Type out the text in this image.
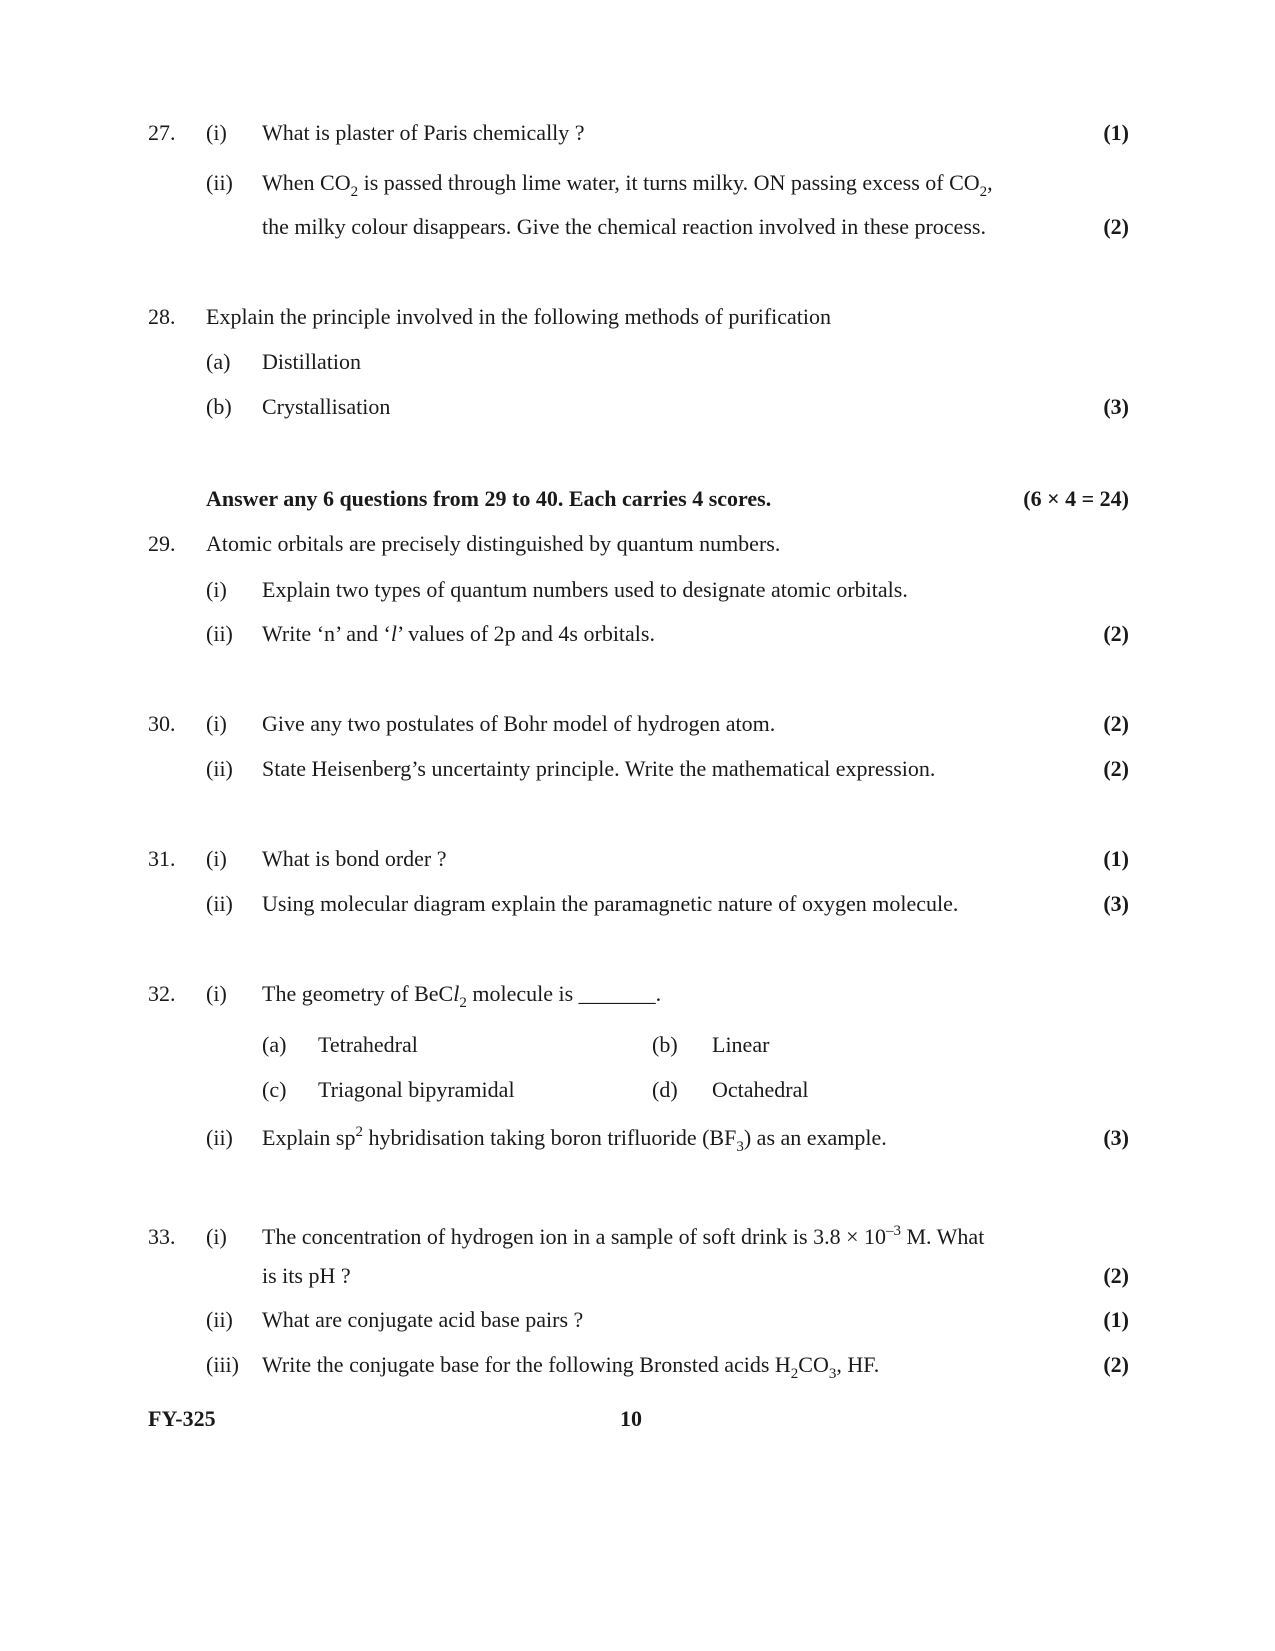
27. (i) What is plaster of Paris chemically ?	(1)
(ii) When $CO_2$ is passed through lime water, it turns milky. ON passing excess of $CO_2$,
the milky colour disappears. Give the chemical reaction involved in these process.	(2)
28. Explain the principle involved in the following methods of purification
(a) Distillation
(b) Crystallisation	(3)
Answer any 6 questions from 29 to 40. Each carries 4 scores.	(6 × 4 = 24)
29. Atomic orbitals are precisely distinguished by quantum numbers.
(i) Explain two types of quantum numbers used to designate atomic orbitals.
(ii) Write ‘n’ and ‘l’ values of 2p and 4s orbitals.	(2)
30. (i) Give any two postulates of Bohr model of hydrogen atom.	(2)
(ii) State Heisenberg’s uncertainty principle. Write the mathematical expression.	(2)
31. (i) What is bond order ?	(1)
(ii) Using molecular diagram explain the paramagnetic nature of oxygen molecule.	(3)
32. (i) The geometry of BeCl$_2$ molecule is _______.
(a) Tetrahedral	(b) Linear
(c) Triagonal bipyramidal	(d) Octahedral
(ii) Explain $sp^2$ hybridisation taking boron trifluoride $(BF_3)$ as an example.	(3)
33. (i) The concentration of hydrogen ion in a sample of soft drink is $3.8 \times 10^{-3}$ M. What
is its pH ?	(2)
(ii) What are conjugate acid base pairs ?	(1)
(iii) Write the conjugate base for the following Bronsted acids $H_2CO_3$, HF.	(2)
FY-325	10
